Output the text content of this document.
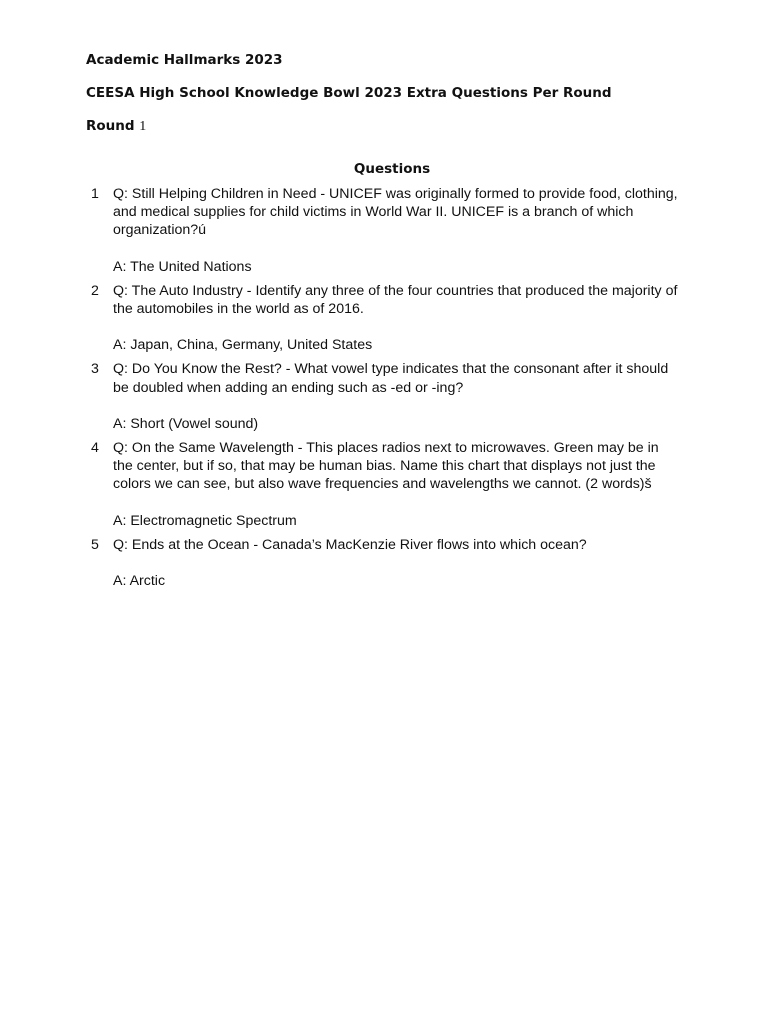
Academic Hallmarks 2023
CEESA High School Knowledge Bowl 2023 Extra Questions Per Round
Round 1
Questions
1 Q: Still Helping Children in Need - UNICEF was originally formed to provide food, clothing, and medical supplies for child victims in World War II. UNICEF is a branch of which organization?ú
A: The United Nations
2 Q: The Auto Industry - Identify any three of the four countries that produced the majority of the automobiles in the world as of 2016.
A: Japan, China, Germany, United States
3 Q: Do You Know the Rest? - What vowel type indicates that the consonant after it should be doubled when adding an ending such as -ed or -ing?
A: Short (Vowel sound)
4 Q: On the Same Wavelength - This places radios next to microwaves. Green may be in the center, but if so, that may be human bias. Name this chart that displays not just the colors we can see, but also wave frequencies and wavelengths we cannot. (2 words)š
A: Electromagnetic Spectrum
5 Q: Ends at the Ocean - Canada’s MacKenzie River flows into which ocean?
A: Arctic
